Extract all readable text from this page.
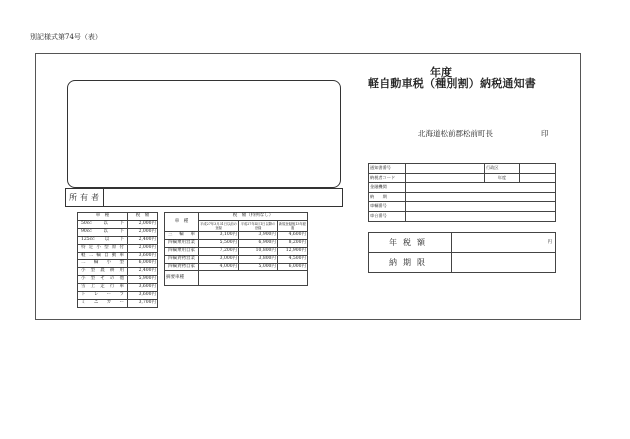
別記様式第74号（表）
年度
軽自動車税（種別割）納税通知書
所有者
北海道松前郡松前町長	印
車　種	税　額
50cc以下	2,000円
90cc以下	2,000円
125cc以下	2,400円
特定小型原付	2,000円
軽二輪自動車	3,600円
二輪小型	6,000円
小型農耕用	2,400円
小型その他	5,900円
雪上走行車	3,600円
トレーラ	3,600円
ミニカー	3,700円
車　種	税　額（特例なし）		
	平成27年3月31日以前の登録	平成27年4月1日以降の登録	新規登録後13年経過
三輪車	3,100円	3,900円	4,600円
四輪乗用営業	5,500円	6,900円	8,200円
四輪乗用自家	7,200円	10,800円	12,900円
四輪貨物営業	3,000円	3,800円	4,500円
四輪貨物自家	4,000円	5,000円	6,000円
摘要車種			
通知書番号		行政区	
納税者コード		年度	
金融機関			
納　　期			
車輌番号			
車台番号			
年税額	円
納期限	
